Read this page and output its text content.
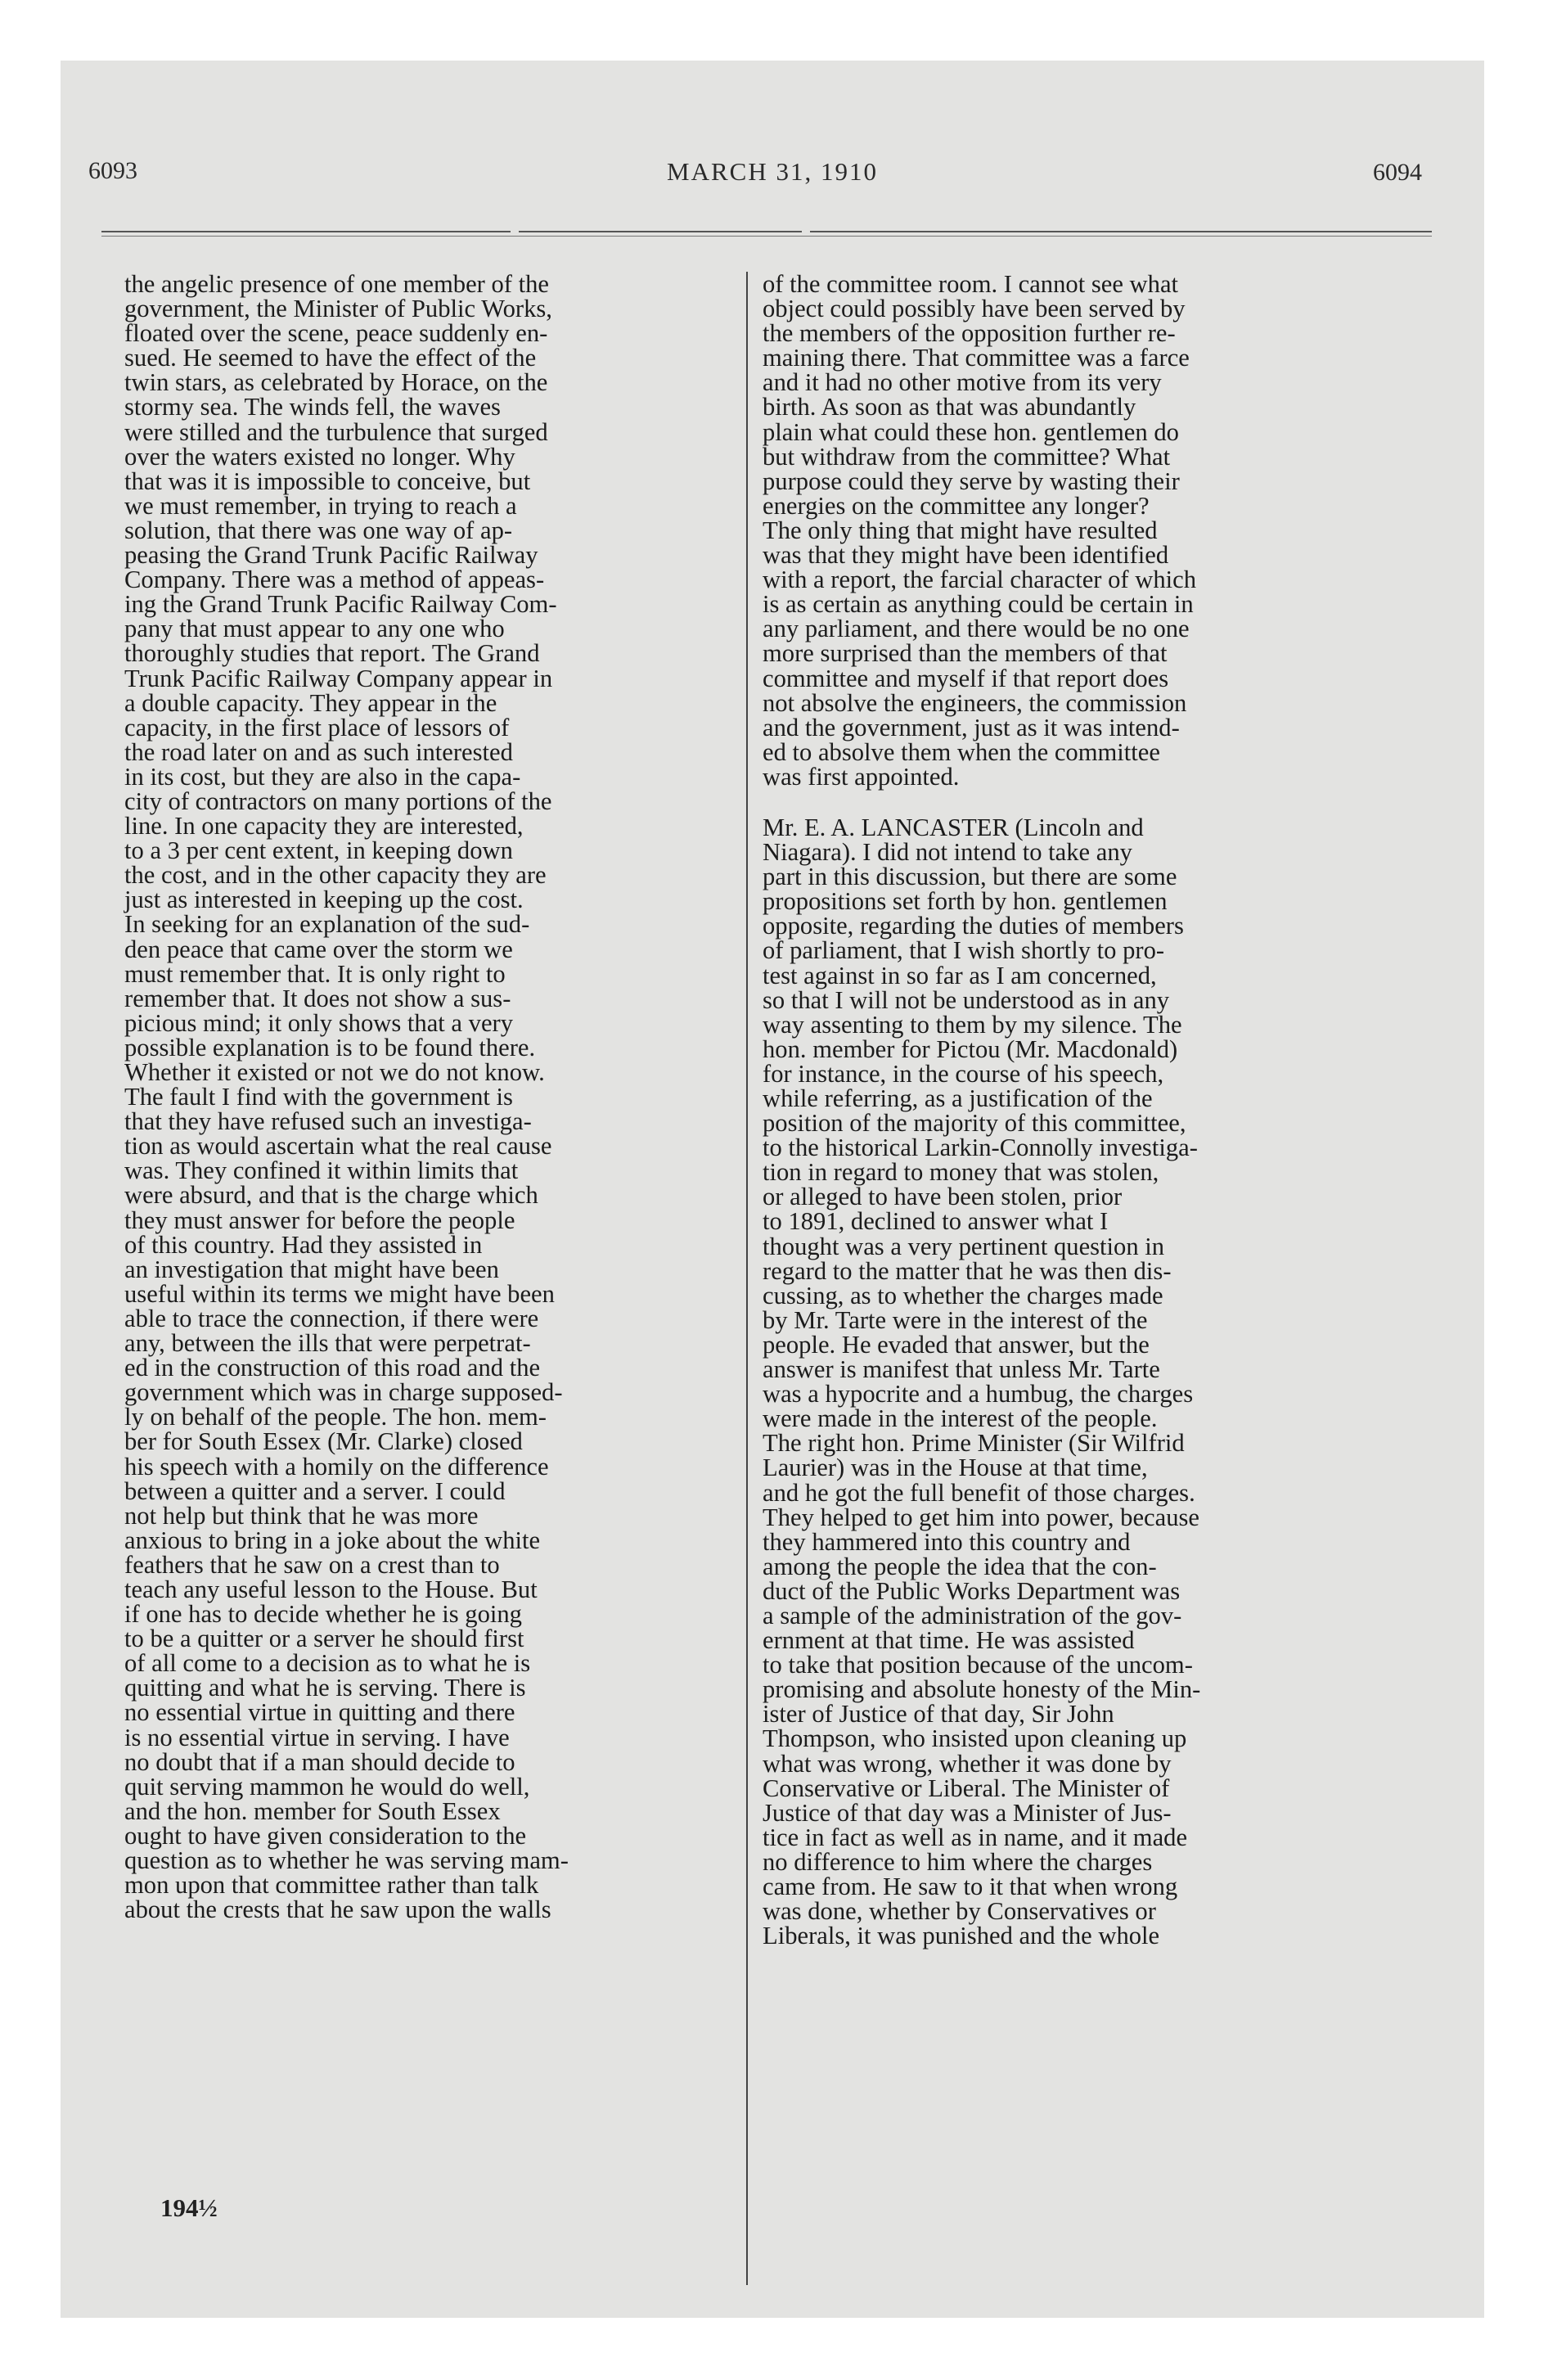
6093	MARCH 31, 1910	6094
the angelic presence of one member of the
government, the Minister of Public Works,
floated over the scene, peace suddenly en-
sued. He seemed to have the effect of the
twin stars, as celebrated by Horace, on the
stormy sea. The winds fell, the waves
were stilled and the turbulence that surged
over the waters existed no longer. Why
that was it is impossible to conceive, but
we must remember, in trying to reach a
solution, that there was one way of ap-
peasing the Grand Trunk Pacific Railway
Company. There was a method of appeas-
ing the Grand Trunk Pacific Railway Com-
pany that must appear to any one who
thoroughly studies that report. The Grand
Trunk Pacific Railway Company appear in
a double capacity. They appear in the
capacity, in the first place of lessors of
the road later on and as such interested
in its cost, but they are also in the capa-
city of contractors on many portions of the
line. In one capacity they are interested,
to a 3 per cent extent, in keeping down
the cost, and in the other capacity they are
just as interested in keeping up the cost.
In seeking for an explanation of the sud-
den peace that came over the storm we
must remember that. It is only right to
remember that. It does not show a sus-
picious mind; it only shows that a very
possible explanation is to be found there.
Whether it existed or not we do not know.
The fault I find with the government is
that they have refused such an investiga-
tion as would ascertain what the real cause
was. They confined it within limits that
were absurd, and that is the charge which
they must answer for before the people
of this country. Had they assisted in
an investigation that might have been
useful within its terms we might have been
able to trace the connection, if there were
any, between the ills that were perpetrat-
ed in the construction of this road and the
government which was in charge supposed-
ly on behalf of the people. The hon. mem-
ber for South Essex (Mr. Clarke) closed
his speech with a homily on the difference
between a quitter and a server. I could
not help but think that he was more
anxious to bring in a joke about the white
feathers that he saw on a crest than to
teach any useful lesson to the House. But
if one has to decide whether he is going
to be a quitter or a server he should first
of all come to a decision as to what he is
quitting and what he is serving. There is
no essential virtue in quitting and there
is no essential virtue in serving. I have
no doubt that if a man should decide to
quit serving mammon he would do well,
and the hon. member for South Essex
ought to have given consideration to the
question as to whether he was serving mam-
mon upon that committee rather than talk
about the crests that he saw upon the walls
of the committee room. I cannot see what
object could possibly have been served by
the members of the opposition further re-
maining there. That committee was a farce
and it had no other motive from its very
birth. As soon as that was abundantly
plain what could these hon. gentlemen do
but withdraw from the committee? What
purpose could they serve by wasting their
energies on the committee any longer?
The only thing that might have resulted
was that they might have been identified
with a report, the farcial character of which
is as certain as anything could be certain in
any parliament, and there would be no one
more surprised than the members of that
committee and myself if that report does
not absolve the engineers, the commission
and the government, just as it was intend-
ed to absolve them when the committee
was first appointed.
Mr. E. A. LANCASTER (Lincoln and
Niagara). I did not intend to take any
part in this discussion, but there are some
propositions set forth by hon. gentlemen
opposite, regarding the duties of members
of parliament, that I wish shortly to pro-
test against in so far as I am concerned,
so that I will not be understood as in any
way assenting to them by my silence. The
hon. member for Pictou (Mr. Macdonald)
for instance, in the course of his speech,
while referring, as a justification of the
position of the majority of this committee,
to the historical Larkin-Connolly investiga-
tion in regard to money that was stolen,
or alleged to have been stolen, prior
to 1891, declined to answer what I
thought was a very pertinent question in
regard to the matter that he was then dis-
cussing, as to whether the charges made
by Mr. Tarte were in the interest of the
people. He evaded that answer, but the
answer is manifest that unless Mr. Tarte
was a hypocrite and a humbug, the charges
were made in the interest of the people.
The right hon. Prime Minister (Sir Wilfrid
Laurier) was in the House at that time,
and he got the full benefit of those charges.
They helped to get him into power, because
they hammered into this country and
among the people the idea that the con-
duct of the Public Works Department was
a sample of the administration of the gov-
ernment at that time. He was assisted
to take that position because of the uncom-
promising and absolute honesty of the Min-
ister of Justice of that day, Sir John
Thompson, who insisted upon cleaning up
what was wrong, whether it was done by
Conservative or Liberal. The Minister of
Justice of that day was a Minister of Jus-
tice in fact as well as in name, and it made
no difference to him where the charges
came from. He saw to it that when wrong
was done, whether by Conservatives or
Liberals, it was punished and the whole
194½
